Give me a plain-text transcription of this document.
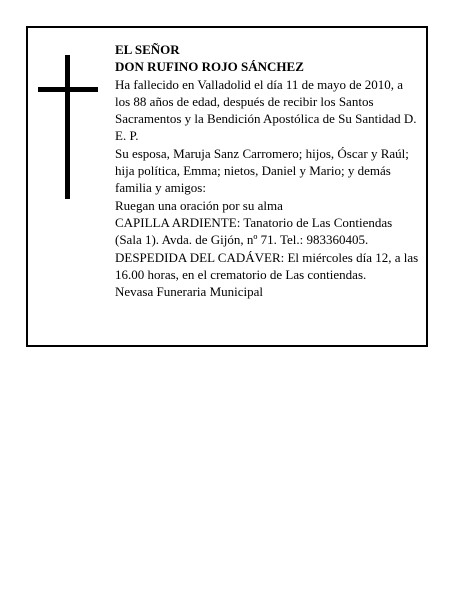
EL SEÑOR

DON RUFINO ROJO SÁNCHEZ

Ha fallecido en Valladolid el día 11 de mayo de 2010, a los 88 años de edad, después de recibir los Santos Sacramentos y la Bendición Apostólica de Su Santidad D. E. P.

Su esposa, Maruja Sanz Carromero; hijos, Óscar y Raúl; hija política, Emma; nietos, Daniel y Mario; y demás familia y amigos:

Ruegan una oración por su alma

CAPILLA ARDIENTE: Tanatorio de Las Contiendas (Sala 1). Avda. de Gijón, nº 71. Tel.: 983360405.

DESPEDIDA DEL CADÁVER: El miércoles día 12, a las 16.00 horas, en el crematorio de Las contiendas.

Nevasa Funeraria Municipal
